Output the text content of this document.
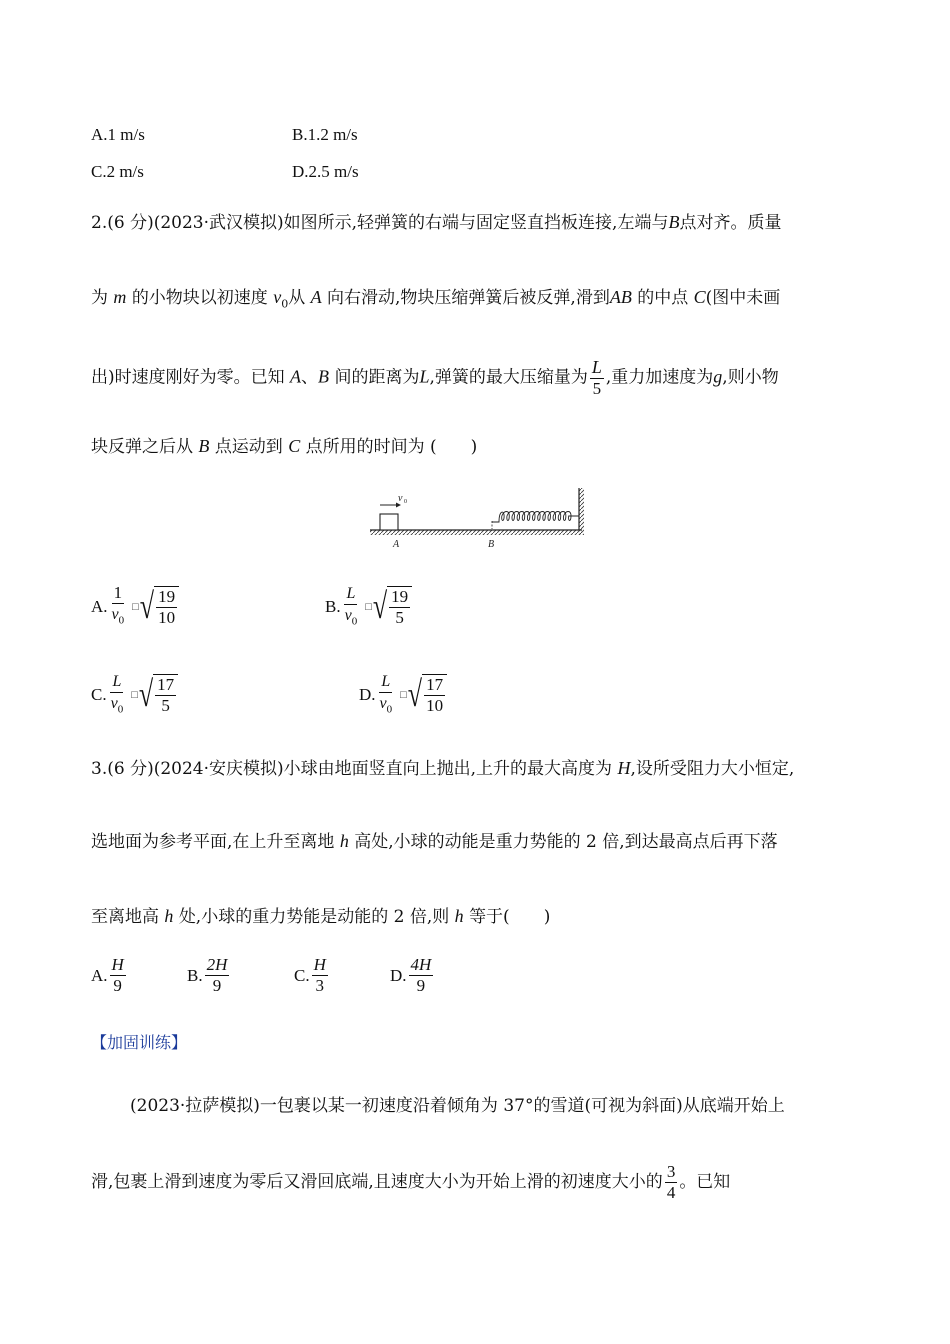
A.1 m/s	B.1.2 m/s
C.2 m/s	D.2.5 m/s
2.(6 分)(2023·武汉模拟)如图所示,轻弹簧的右端与固定竖直挡板连接,左端与B点对齐。质量
为 m 的小物块以初速度 $v_0$从 A 向右滑动,物块压缩弹簧后被反弹,滑到AB 的中点 C(图中未画
出)时速度刚好为零。已知 A、B 间的距离为L,弹簧的最大压缩量为 $\frac{L}{5}$ ,重力加速度为g,则小物
块反弹之后从 B 点运动到 C 点所用的时间为 (　　)
v 0
A	B
A. $\frac{1}{v_0}$ □ √ $\frac{19}{10}$	B. $\frac{L}{v_0}$ □ √ $\frac{19}{5}$
C. $\frac{L}{v_0}$ □ √ $\frac{17}{5}$	D. $\frac{L}{v_0}$ □ √ $\frac{17}{10}$
3.(6 分)(2024·安庆模拟)小球由地面竖直向上抛出,上升的最大高度为 H,设所受阻力大小恒定,
选地面为参考平面,在上升至离地 h 高处,小球的动能是重力势能的 2 倍,到达最高点后再下落
至离地高 h 处,小球的重力势能是动能的 2 倍,则 h 等于(　　)
A. $\frac{H}{9}$	B. $\frac{2H}{9}$	C. $\frac{H}{3}$	D. $\frac{4H}{9}$
【加固训练】
(2023·拉萨模拟)一包裹以某一初速度沿着倾角为 37°的雪道(可视为斜面)从底端开始上
滑,包裹上滑到速度为零后又滑回底端,且速度大小为开始上滑的初速度大小的 $\frac{3}{4}$ 。已知
